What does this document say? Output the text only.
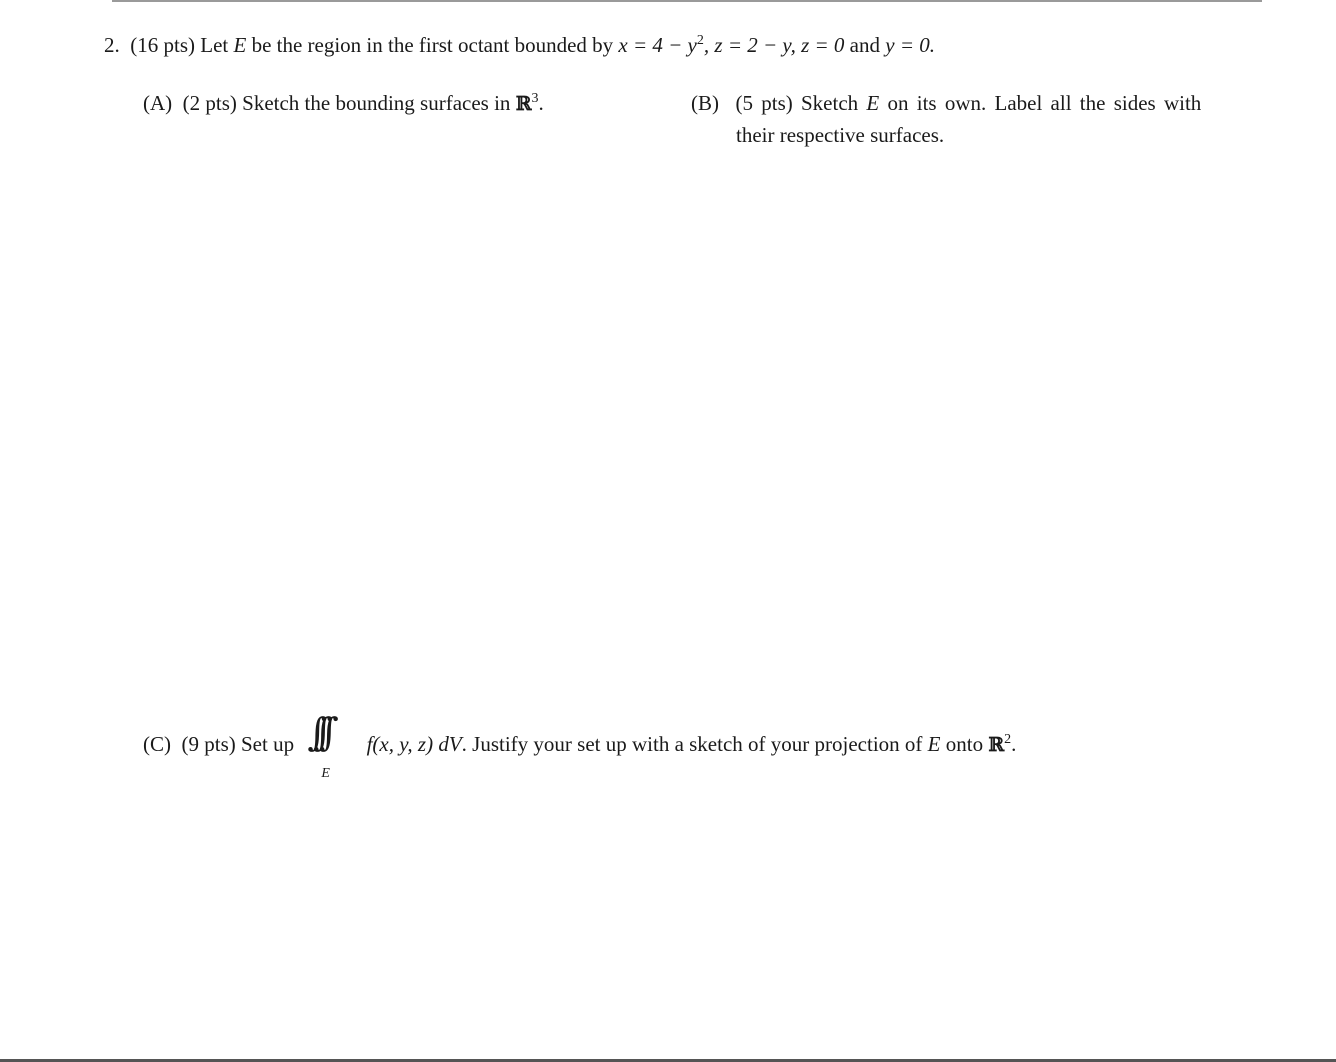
2. (16 pts) Let E be the region in the first octant bounded by $x = 4 - y^2$, z = 2 − y, z = 0 and y = 0.
(A) (2 pts) Sketch the bounding surfaces in ℝ$^3$.	(B) (5 pts) Sketch E on its own. Label all the sides with
their respective surfaces.
(C) (9 pts) Set up ∫∫∫
E
f(x, y, z) dV. Justify your set up with a sketch of your projection of E onto ℝ$^2$.
